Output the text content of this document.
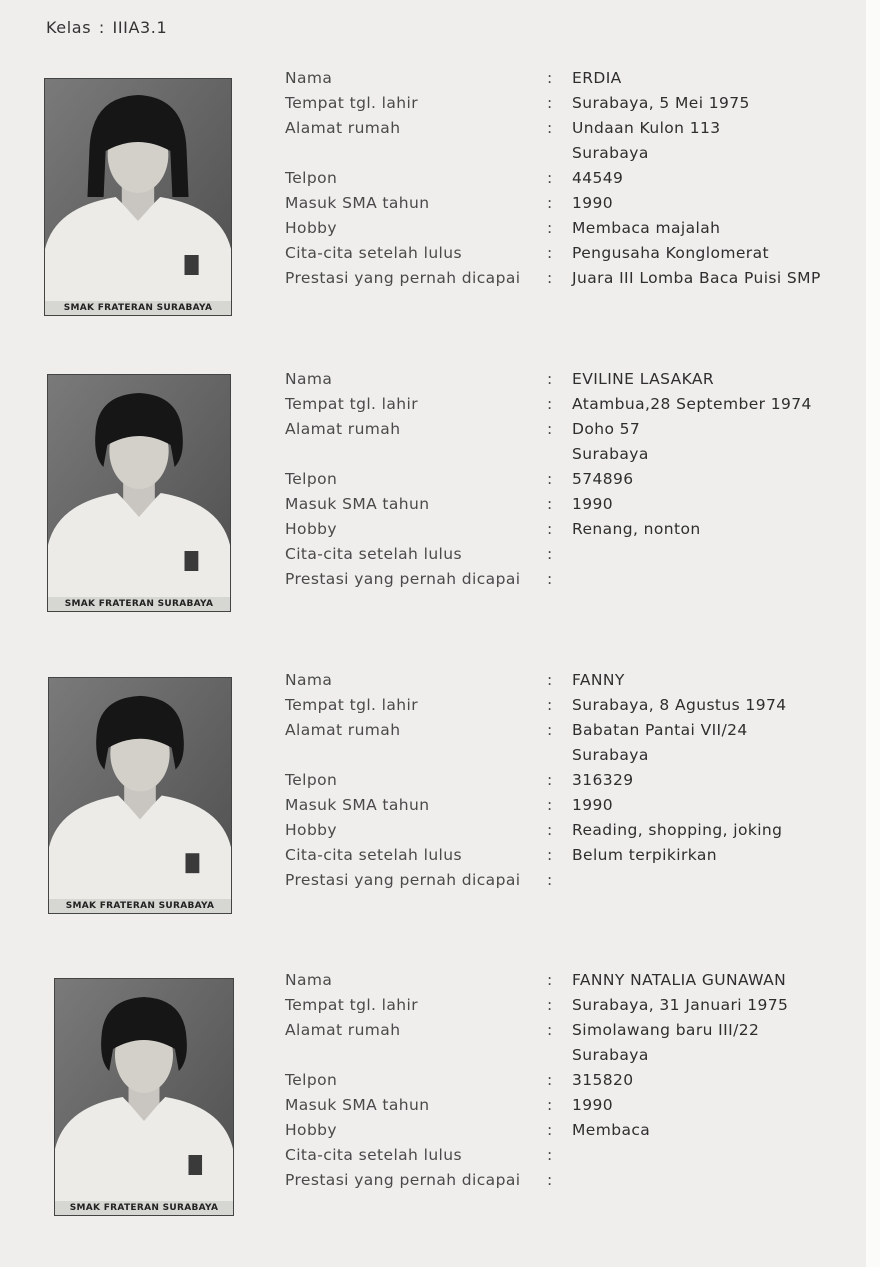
Kelas : IIIA3.1
SMAK FRATERAN SURABAYA
Nama	: ERDIA
Tempat tgl. lahir	: Surabaya, 5 Mei 1975
Alamat rumah	: Undaan Kulon 113
Surabaya
Telpon	: 44549
Masuk SMA tahun	: 1990
Hobby	: Membaca majalah
Cita-cita setelah lulus	: Pengusaha Konglomerat
Prestasi yang pernah dicapai : Juara III Lomba Baca Puisi SMP
SMAK FRATERAN SURABAYA
Nama	: EVILINE LASAKAR
Tempat tgl. lahir	: Atambua,28 September 1974
Alamat rumah	: Doho 57
Surabaya
Telpon	: 574896
Masuk SMA tahun	: 1990
Hobby	: Renang, nonton
Cita-cita setelah lulus	:
Prestasi yang pernah dicapai :
SMAK FRATERAN SURABAYA
Nama	: FANNY
Tempat tgl. lahir	: Surabaya, 8 Agustus 1974
Alamat rumah	: Babatan Pantai VII/24
Surabaya
Telpon	: 316329
Masuk SMA tahun	: 1990
Hobby	: Reading, shopping, joking
Cita-cita setelah lulus	: Belum terpikirkan
Prestasi yang pernah dicapai :
SMAK FRATERAN SURABAYA
Nama	: FANNY NATALIA GUNAWAN
Tempat tgl. lahir	: Surabaya, 31 Januari 1975
Alamat rumah	: Simolawang baru III/22
Surabaya
Telpon	: 315820
Masuk SMA tahun	: 1990
Hobby	: Membaca
Cita-cita setelah lulus	:
Prestasi yang pernah dicapai :
